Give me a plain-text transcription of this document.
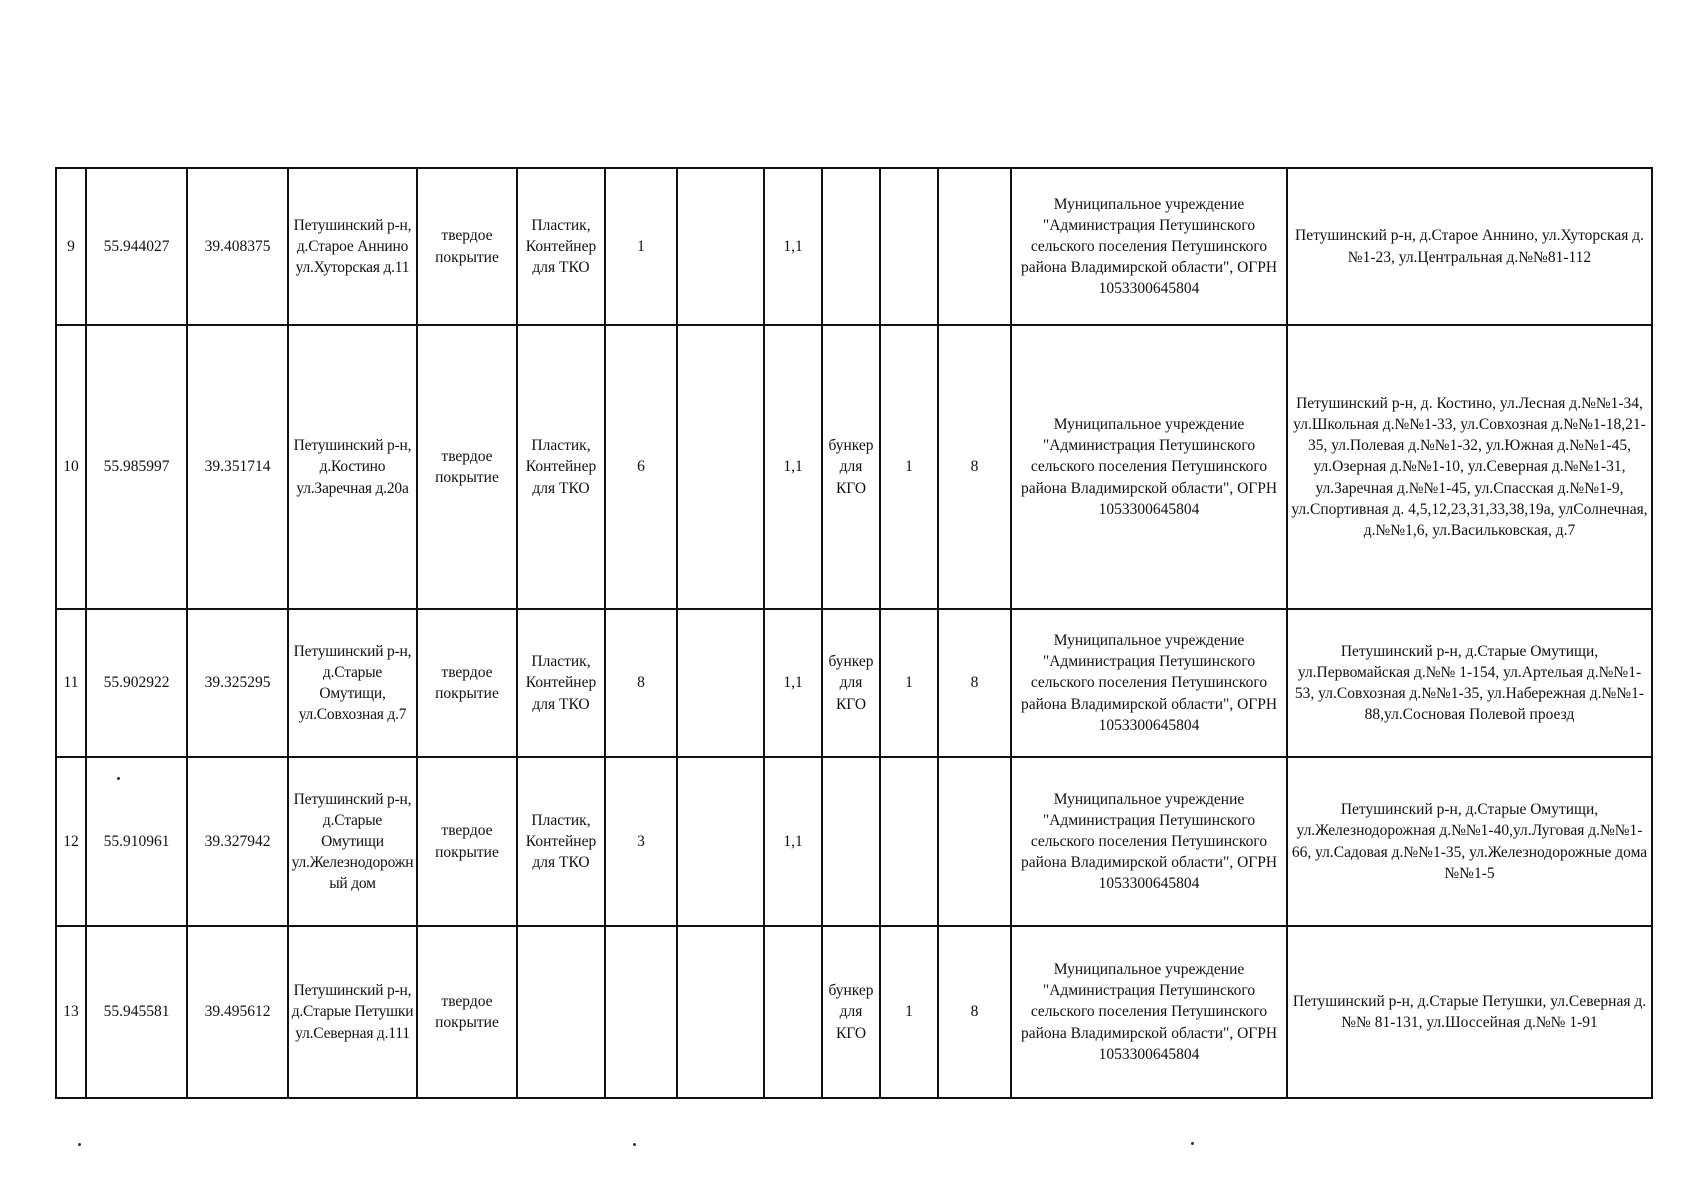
9	55.944027	39.408375	Петушинский р-н, д.Старое Аннино ул.Хуторская д.11	твердое покрытие	Пластик, Контейнер для ТКО	1		1,1				Муниципальное учреждение "Администрация Петушинского сельского поселения Петушинского района Владимирской области", ОГРН 1053300645804	Петушинский р-н, д.Старое Аннино, ул.Хуторская д.№1-23, ул.Центральная д.№№81-112
10	55.985997	39.351714	Петушинский р-н, д.Костино ул.Заречная д.20а	твердое покрытие	Пластик, Контейнер для ТКО	6		1,1	бункер для КГО	1	8	Муниципальное учреждение "Администрация Петушинского сельского поселения Петушинского района Владимирской области", ОГРН 1053300645804	Петушинский р-н, д. Костино, ул.Лесная д.№№1-34, ул.Школьная д.№№1-33, ул.Совхозная д.№№1-18,21-35, ул.Полевая д.№№1-32, ул.Южная д.№№1-45, ул.Озерная д.№№1-10, ул.Северная д.№№1-31, ул.Заречная д.№№1-45, ул.Спасская д.№№1-9, ул.Спортивная д. 4,5,12,23,31,33,38,19а, улСолнечная, д.№№1,6, ул.Васильковская, д.7
11	55.902922	39.325295	Петушинский р-н, д.Старые Омутищи, ул.Совхозная д.7	твердое покрытие	Пластик, Контейнер для ТКО	8		1,1	бункер для КГО	1	8	Муниципальное учреждение "Администрация Петушинского сельского поселения Петушинского района Владимирской области", ОГРН 1053300645804	Петушинский р-н, д.Старые Омутищи, ул.Первомайская д.№№ 1-154, ул.Артельая д.№№1-53, ул.Совхозная д.№№1-35, ул.Набережная д.№№1-88,ул.Сосновая Полевой проезд
12	55.910961	39.327942	Петушинский р-н, д.Старые Омутищи ул.Железнодорожный дом	твердое покрытие	Пластик, Контейнер для ТКО	3		1,1				Муниципальное учреждение "Администрация Петушинского сельского поселения Петушинского района Владимирской области", ОГРН 1053300645804	Петушинский р-н, д.Старые Омутищи, ул.Железнодорожная д.№№1-40,ул.Луговая д.№№1-66, ул.Садовая д.№№1-35, ул.Железнодорожные дома №№1-5
13	55.945581	39.495612	Петушинский р-н, д.Старые Петушки ул.Северная д.111	твердое покрытие					бункер для КГО	1	8	Муниципальное учреждение "Администрация Петушинского сельского поселения Петушинского района Владимирской области", ОГРН 1053300645804	Петушинский р-н, д.Старые Петушки, ул.Северная д.№№ 81-131, ул.Шоссейная д.№№ 1-91
